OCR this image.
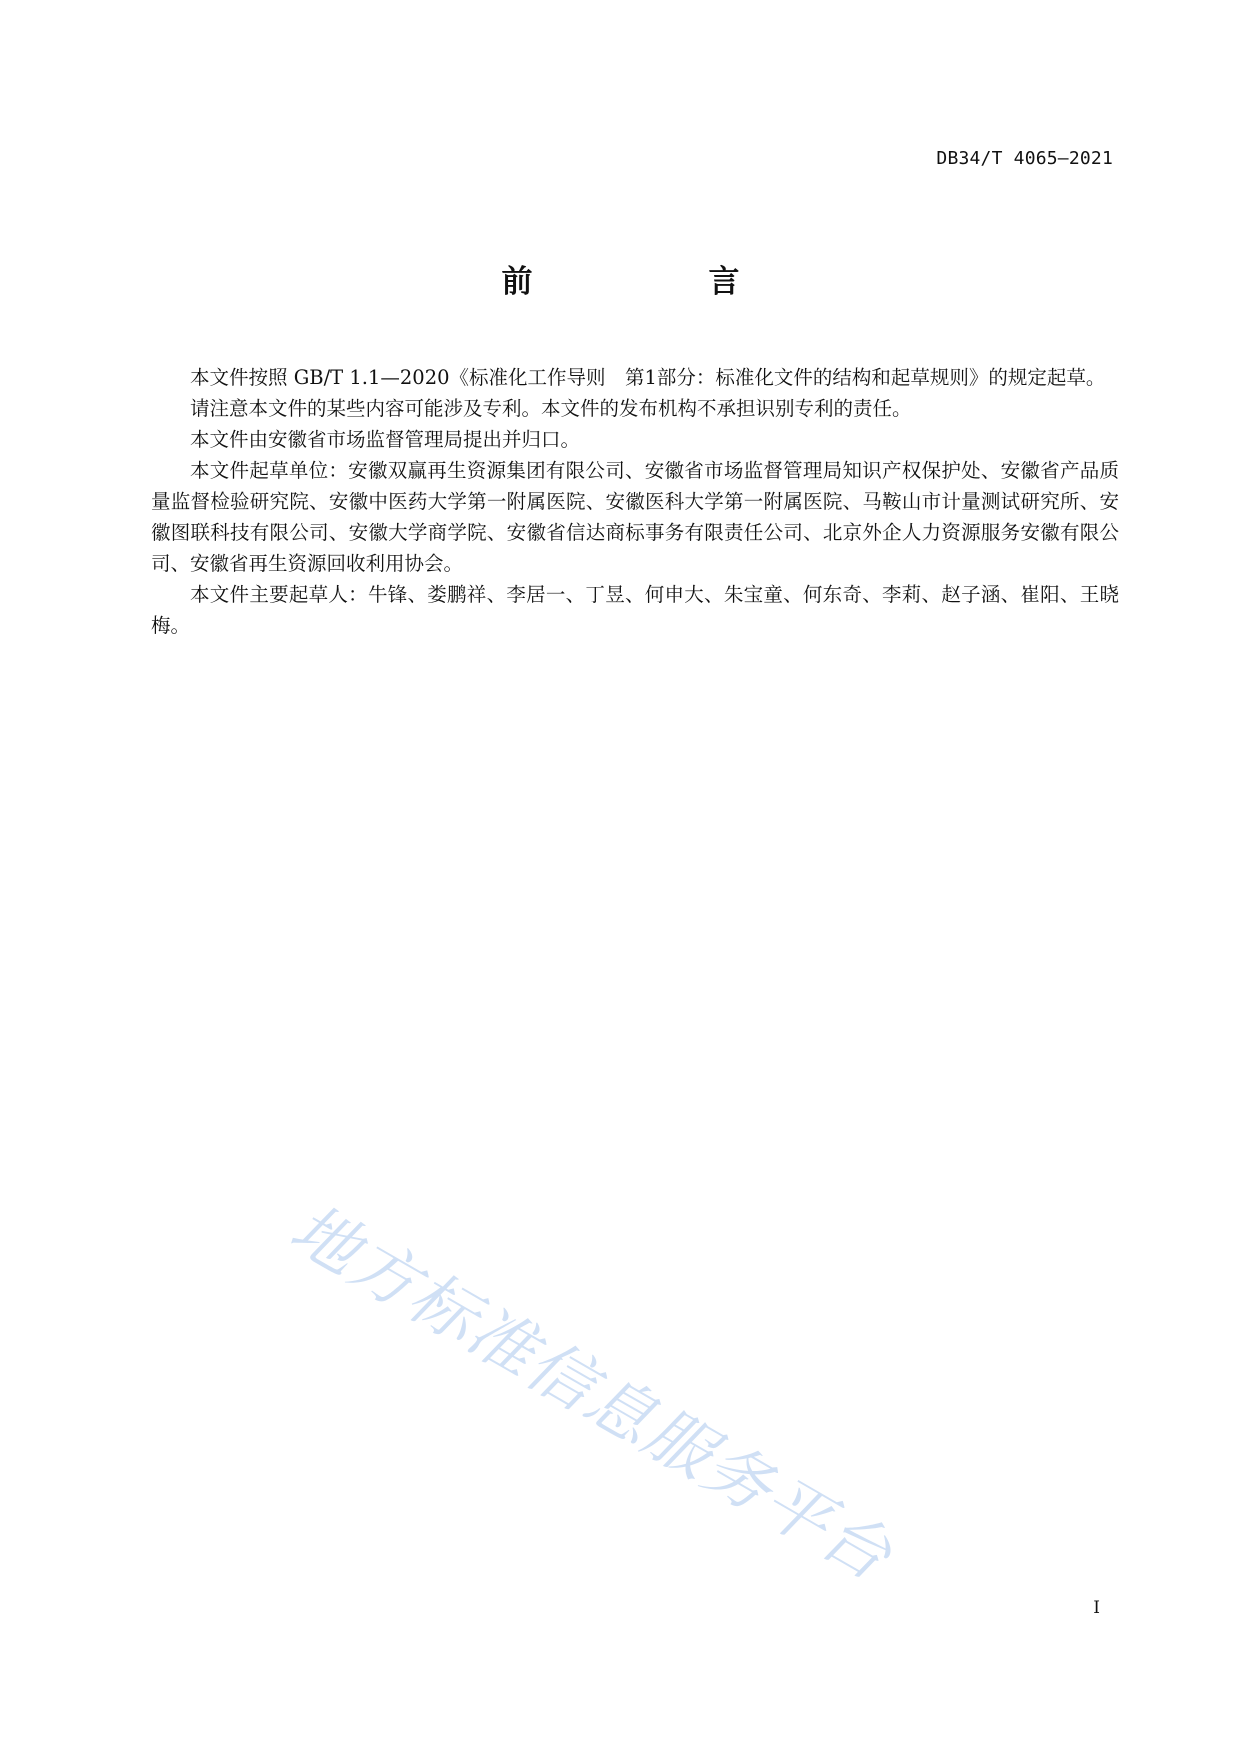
DB34/T 4065—2021
前　　言

本文件按照 GB/T 1.1—2020《标准化工作导则　第1部分：标准化文件的结构和起草规则》的规定起草。

请注意本文件的某些内容可能涉及专利。本文件的发布机构不承担识别专利的责任。

本文件由安徽省市场监督管理局提出并归口。

本文件起草单位：安徽双赢再生资源集团有限公司、安徽省市场监督管理局知识产权保护处、安徽省产品质量监督检验研究院、安徽中医药大学第一附属医院、安徽医科大学第一附属医院、马鞍山市计量测试研究所、安徽图联科技有限公司、安徽大学商学院、安徽省信达商标事务有限责任公司、北京外企人力资源服务安徽有限公司、安徽省再生资源回收利用协会。

本文件主要起草人：牛锋、娄鹏祥、李居一、丁昱、何申大、朱宝童、何东奇、李莉、赵子涵、崔阳、王晓梅。

地方标准信息服务平台
I
